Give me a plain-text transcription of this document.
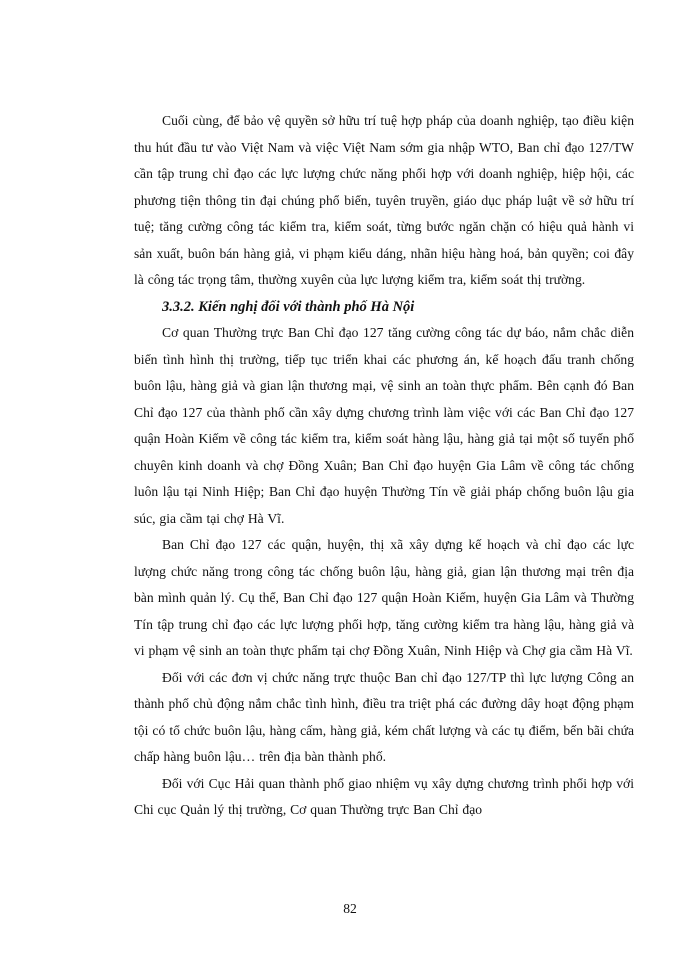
Cuối cùng, để bảo vệ quyền sở hữu trí tuệ hợp pháp của doanh nghiệp, tạo điều kiện thu hút đầu tư vào Việt Nam và việc Việt Nam sớm gia nhập WTO, Ban chỉ đạo 127/TW cần tập trung chỉ đạo các lực lượng chức năng phối hợp với doanh nghiệp, hiệp hội, các phương tiện thông tin đại chúng phổ biến, tuyên truyền, giáo dục pháp luật về sở hữu trí tuệ; tăng cường công tác kiểm tra, kiểm soát, từng bước ngăn chặn có hiệu quả hành vi sản xuất, buôn bán hàng giả, vi phạm kiểu dáng, nhãn hiệu hàng hoá, bản quyền; coi đây là công tác trọng tâm, thường xuyên của lực lượng kiểm tra, kiểm soát thị trường.

3.3.2. Kiến nghị đối với thành phố Hà Nội

Cơ quan Thường trực Ban Chỉ đạo 127 tăng cường công tác dự báo, nắm chắc diễn biến tình hình thị trường, tiếp tục triển khai các phương án, kế hoạch đấu tranh chống buôn lậu, hàng giả và gian lận thương mại, vệ sinh an toàn thực phẩm. Bên cạnh đó Ban Chỉ đạo 127 của thành phố cần xây dựng chương trình làm việc với các Ban Chỉ đạo 127 quận Hoàn Kiếm về công tác kiểm tra, kiểm soát hàng lậu, hàng giả tại một số tuyến phố chuyên kinh doanh và chợ Đồng Xuân; Ban Chỉ đạo huyện Gia Lâm về công tác chống luôn lậu tại Ninh Hiệp; Ban Chỉ đạo huyện Thường Tín về giải pháp chống buôn lậu gia súc, gia cầm tại chợ Hà Vĩ.

Ban Chỉ đạo 127 các quận, huyện, thị xã xây dựng kế hoạch và chỉ đạo các lực lượng chức năng trong công tác chống buôn lậu, hàng giả, gian lận thương mại trên địa bàn mình quản lý. Cụ thể, Ban Chỉ đạo 127 quận Hoàn Kiếm, huyện Gia Lâm và Thường Tín tập trung chỉ đạo các lực lượng phối hợp, tăng cường kiểm tra hàng lậu, hàng giả và vi phạm vệ sinh an toàn thực phẩm tại chợ Đồng Xuân, Ninh Hiệp và Chợ gia cầm Hà Vĩ.

Đối với các đơn vị chức năng trực thuộc Ban chỉ đạo 127/TP thì lực lượng Công an thành phố chủ động nắm chắc tình hình, điều tra triệt phá các đường dây hoạt động phạm tội có tổ chức buôn lậu, hàng cấm, hàng giả, kém chất lượng và các tụ điểm, bến bãi chứa chấp hàng buôn lậu… trên địa bàn thành phố.

Đối với Cục Hải quan thành phố giao nhiệm vụ xây dựng chương trình phối hợp với Chi cục Quản lý thị trường, Cơ quan Thường trực Ban Chỉ đạo

82
